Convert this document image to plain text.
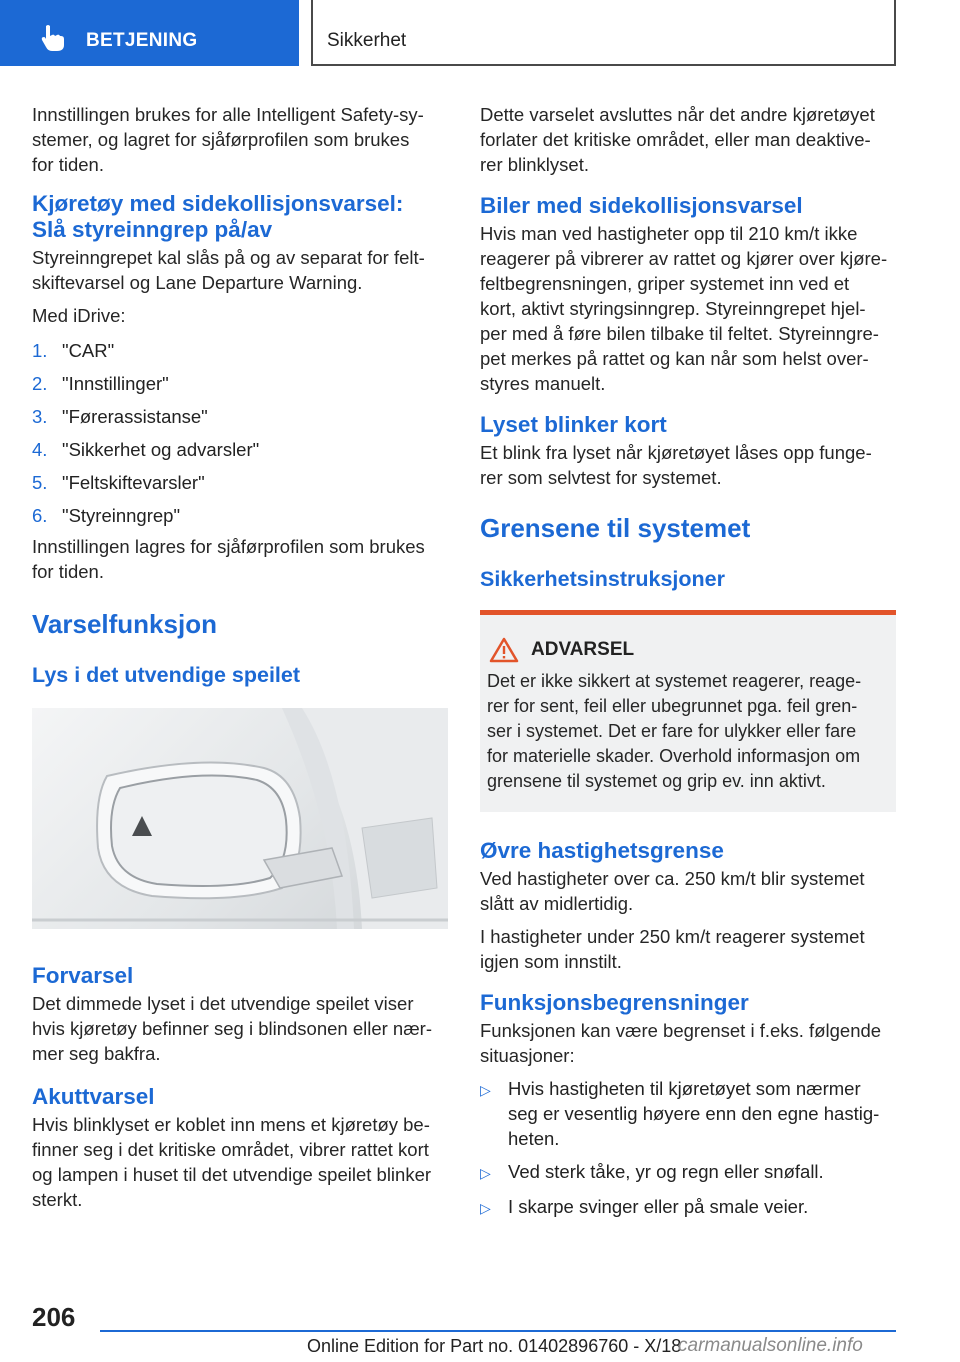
BETJENING	Sikkerhet

Innstillingen brukes for alle Intelligent Safety-sy-
stemer, og lagret for sjåførprofilen som brukes
for tiden.

Kjøretøy med sidekollisjonsvarsel:
Slå styreinngrep på/av

Styreinngrepet kal slås på og av separat for felt-
skiftevarsel og Lane Departure Warning.

Med iDrive:

1. "CAR"
2. "Innstillinger"
3. "Førerassistanse"
4. "Sikkerhet og advarsler"
5. "Feltskiftevarsler"
6. "Styreinngrep"

Innstillingen lagres for sjåførprofilen som brukes
for tiden.

Varselfunksjon
Lys i det utvendige speilet
Forvarsel

Det dimmede lyset i det utvendige speilet viser
hvis kjøretøy befinner seg i blindsonen eller nær-
mer seg bakfra.

Akuttvarsel

Hvis blinklyset er koblet inn mens et kjøretøy be-
finner seg i det kritiske området, vibrer rattet kort
og lampen i huset til det utvendige speilet blinker
sterkt.

Dette varselet avsluttes når det andre kjøretøyet
forlater det kritiske området, eller man deaktive-
rer blinklyset.

Biler med sidekollisjonsvarsel

Hvis man ved hastigheter opp til 210 km/t ikke
reagerer på vibrerer av rattet og kjører over kjøre-
feltbegrensningen, griper systemet inn ved et
kort, aktivt styringsinngrep. Styreinngrepet hjel-
per med å føre bilen tilbake til feltet. Styreinngre-
pet merkes på rattet og kan når som helst over-
styres manuelt.

Lyset blinker kort

Et blink fra lyset når kjøretøyet låses opp funge-
rer som selvtest for systemet.

Grensene til systemet
Sikkerhetsinstruksjoner
ADVARSEL

Det er ikke sikkert at systemet reagerer, reage-
rer for sent, feil eller ubegrunnet pga. feil gren-
ser i systemet. Det er fare for ulykker eller fare
for materielle skader. Overhold informasjon om
grensene til systemet og grip ev. inn aktivt.

Øvre hastighetsgrense

Ved hastigheter over ca. 250 km/t blir systemet
slått av midlertidig.

I hastigheter under 250 km/t reagerer systemet
igjen som innstilt.

Funksjonsbegrensninger

Funksjonen kan være begrenset i f.eks. følgende
situasjoner:

▷ Hvis hastigheten til kjøretøyet som nærmer
seg er vesentlig høyere enn den egne hastig-
heten.
▷ Ved sterk tåke, yr og regn eller snøfall.
▷ I skarpe svinger eller på smale veier.
206
Online Edition for Part no. 01402896760 - X/18
carmanualsonline.info
